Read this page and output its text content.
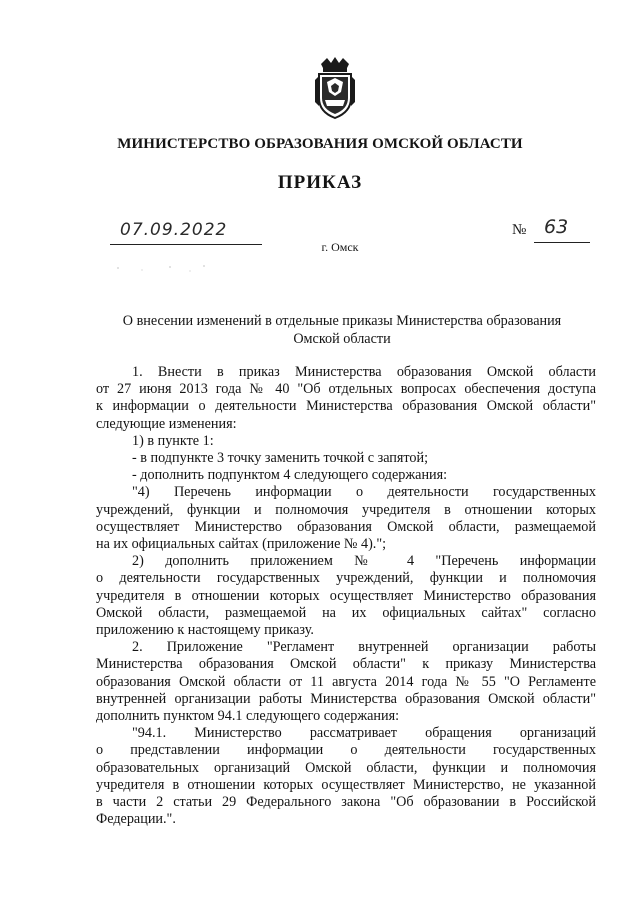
МИНИСТЕРСТВО ОБРАЗОВАНИЯ ОМСКОЙ ОБЛАСТИ
ПРИКАЗ
07.09.2022	№ 63
г. Омск
О внесении изменений в отдельные приказы Министерства образования
Омской области

1. Внести в приказ Министерства образования Омской области

от 27 июня 2013 года № 40 "Об отдельных вопросах обеспечения доступа

к информации о деятельности Министерства образования Омской области"

следующие изменения:

1) в пункте 1:

- в подпункте 3 точку заменить точкой с запятой;

- дополнить подпунктом 4 следующего содержания:

"4) Перечень информации о деятельности государственных

учреждений, функции и полномочия учредителя в отношении которых

осуществляет Министерство образования Омской области, размещаемой

на их официальных сайтах (приложение № 4).";

2) дополнить приложением № 4 "Перечень информации

о деятельности государственных учреждений, функции и полномочия

учредителя в отношении которых осуществляет Министерство образования

Омской области, размещаемой на их официальных сайтах" согласно

приложению к настоящему приказу.

2. Приложение "Регламент внутренней организации работы

Министерства образования Омской области" к приказу Министерства

образования Омской области от 11 августа 2014 года № 55 "О Регламенте

внутренней организации работы Министерства образования Омской области"

дополнить пунктом 94.1 следующего содержания:

"94.1. Министерство рассматривает обращения организаций

о представлении информации о деятельности государственных

образовательных организаций Омской области, функции и полномочия

учредителя в отношении которых осуществляет Министерство, не указанной

в части 2 статьи 29 Федерального закона "Об образовании в Российской

Федерации.".
